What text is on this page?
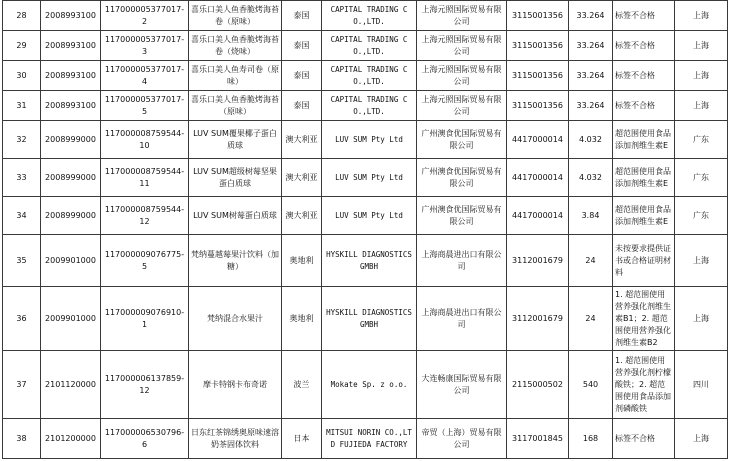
28	2008993100	117000005377017-2	喜乐口美人鱼香脆烤海苔卷（原味）	泰国	CAPITAL TRADING CO.,LTD.	上海元照国际贸易有限公司	3115001356	33.264	标签不合格	上海
29	2008993100	117000005377017-3	喜乐口美人鱼香脆烤海苔卷（烧味）	泰国	CAPITAL TRADING CO.,LTD.	上海元照国际贸易有限公司	3115001356	33.264	标签不合格	上海
30	2008993100	117000005377017-4	喜乐口美人鱼寿司卷（原味）	泰国	CAPITAL TRADING CO.,LTD.	上海元照国际贸易有限公司	3115001356	33.264	标签不合格	上海
31	2008993100	117000005377017-5	喜乐口美人鱼香脆烤海苔（原味）	泰国	CAPITAL TRADING CO.,LTD.	上海元照国际贸易有限公司	3115001356	33.264	标签不合格	上海
32	2008999000	117000008759544-10	LUV SUM覆果椰子蛋白质球	澳大利亚	LUV SUM Pty Ltd	广州澳食优国际贸易有限公司	4417000014	4.032	超范围使用食品添加剂维生素E	广东
33	2008999000	117000008759544-11	LUV SUM超级树莓坚果蛋白质球	澳大利亚	LUV SUM Pty Ltd	广州澳食优国际贸易有限公司	4417000014	4.032	超范围使用食品添加剂维生素E	广东
34	2008999000	117000008759544-12	LUV SUM树莓蛋白质球	澳大利亚	LUV SUM Pty Ltd	广州澳食优国际贸易有限公司	4417000014	3.84	超范围使用食品添加剂维生素E	广东
35	2009901000	117000009076775-5	梵纳蔓越莓果汁饮料（加糖）	奥地利	HYSKILL DIAGNOSTICS GMBH	上海商晨进出口有限公司	3112001679	24	未按要求提供证书或合格证明材料	上海
36	2009901000	117000009076910-1	梵纳混合水果汁	奥地利	HYSKILL DIAGNOSTICS GMBH	上海商晨进出口有限公司	3112001679	24	1. 超范围使用营养强化剂维生素B1；2. 超范围使用营养强化剂维生素B2	上海
37	2101120000	117000006137859-12	摩卡特钢卡布奇诺	波兰	Mokate Sp. z o.o.	大连畅康国际贸易有限公司	2115000502	540	1. 超范围使用营养强化剂柠檬酸铁；2. 超范围使用食品添加剂磷酸铁	四川
38	2101200000	117000006530796-6	日东红茶锦绣奥原味速溶奶茶固体饮料	日本	MITSUI NORIN CO.,LTD FUJIEDA FACTORY	帝贸（上海）贸易有限公司	3117001845	168	标签不合格	上海
